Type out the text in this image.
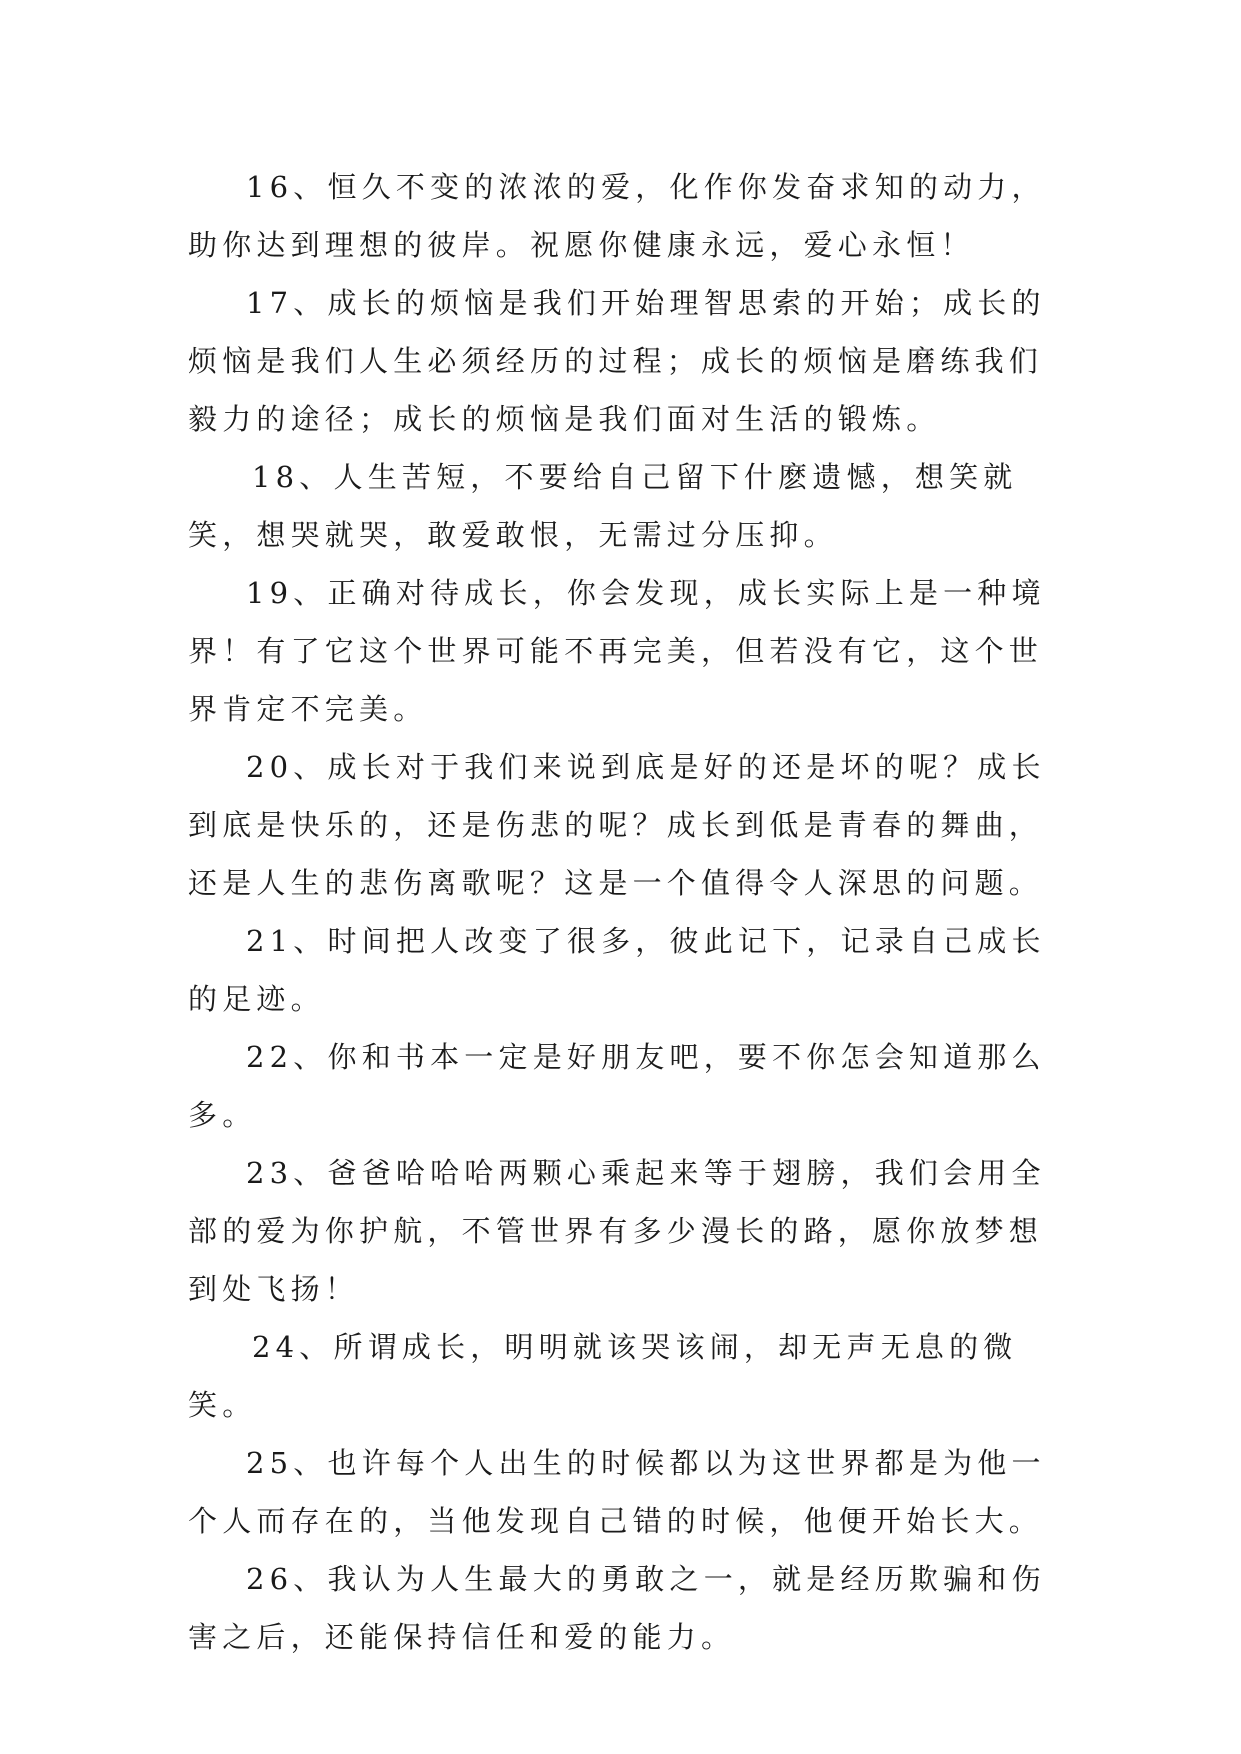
16、恒久不变的浓浓的爱，化作你发奋求知的动力，助你达到理想的彼岸。祝愿你健康永远，爱心永恒！

17、成长的烦恼是我们开始理智思索的开始；成长的烦恼是我们人生必须经历的过程；成长的烦恼是磨练我们毅力的途径；成长的烦恼是我们面对生活的锻炼。

18、人生苦短，不要给自己留下什麽遗憾，想笑就笑，想哭就哭，敢爱敢恨，无需过分压抑。

19、正确对待成长，你会发现，成长实际上是一种境界！有了它这个世界可能不再完美，但若没有它，这个世界肯定不完美。

20、成长对于我们来说到底是好的还是坏的呢？成长到底是快乐的，还是伤悲的呢？成长到低是青春的舞曲，还是人生的悲伤离歌呢？这是一个值得令人深思的问题。

21、时间把人改变了很多，彼此记下，记录自己成长的足迹。

22、你和书本一定是好朋友吧，要不你怎会知道那么多。

23、爸爸哈哈哈两颗心乘起来等于翅膀，我们会用全部的爱为你护航，不管世界有多少漫长的路，愿你放梦想到处飞扬！

24、所谓成长，明明就该哭该闹，却无声无息的微笑。

25、也许每个人出生的时候都以为这世界都是为他一个人而存在的，当他发现自己错的时候，他便开始长大。

26、我认为人生最大的勇敢之一，就是经历欺骗和伤害之后，还能保持信任和爱的能力。
